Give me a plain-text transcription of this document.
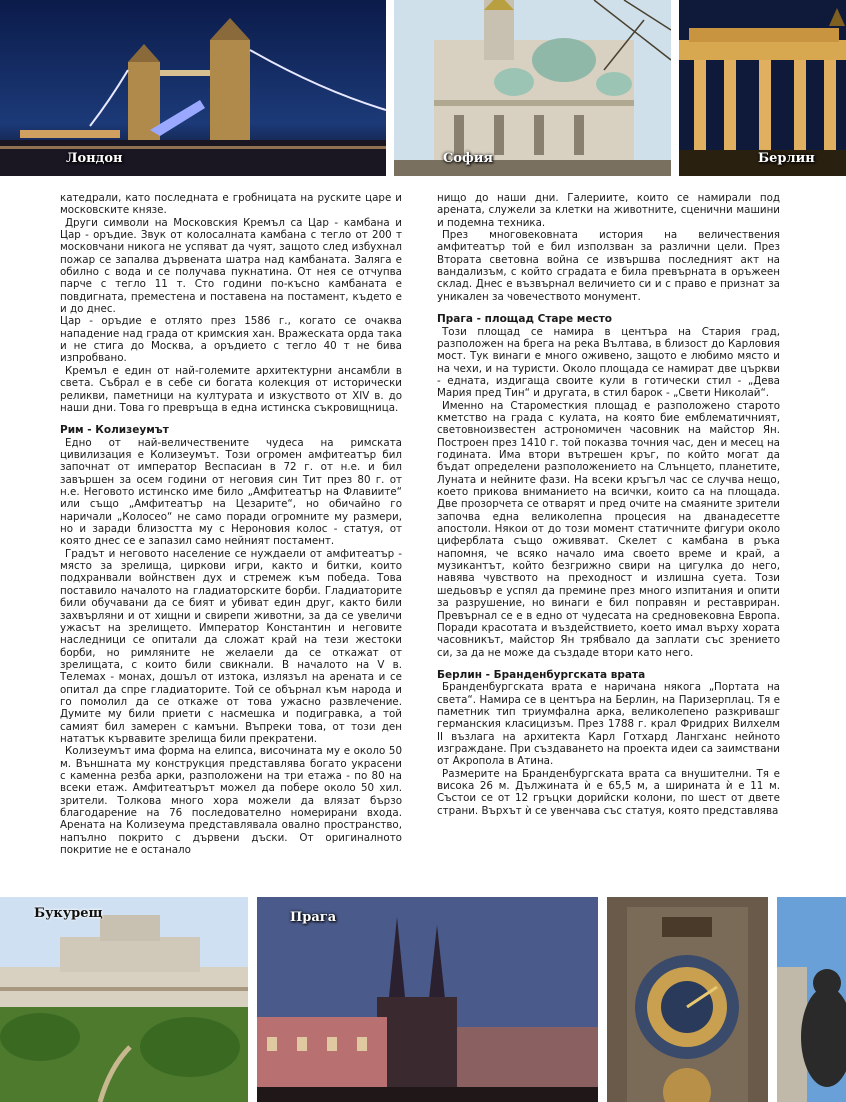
Лондон	София	Берлин

катедрали, като последната е гробницата на руските царе и московските князе.

Други символи на Московския Кремъл са Цар - камбана и Цар - оръдие. Звук от колосалната камбана с тегло от 200 т московчани никога не успяват да чуят, защото след избухнал пожар се запалва дървената шатра над камбаната. Заляга е обилно с вода и се получава пукнатина. От нея се отчупва парче с тегло 11 т. Сто години по-късно камбаната е повдигната, преместена и поставена на постамент, където е и до днес.

Цар - оръдие е отлято през 1586 г., когато се очаква нападение над града от кримския хан. Вражеската орда така и не стига до Москва, а оръдието с тегло 40 т не бива изпробвано.

Кремъл е един от най-големите архитектурни ансамбли в света. Събрал е в себе си богата колекция от исторически реликви, паметници на културата и изкуството от XIV в. до наши дни. Това го превръща в една истинска съкровищница.

Рим - Колизеумът

Едно от най-величествените чудеса на римската цивилизация е Колизеумът. Този огромен амфитеатър бил започнат от император Веспасиан в 72 г. от н.е. и бил завършен за осем години от неговия син Тит през 80 г. от н.е. Неговото истинско име било „Амфитеатър на Флавиите“ или също „Амфитеатър на Цезарите“, но обичайно го наричали „Колосео“ не само поради огромните му размери, но и заради близостта му с Нероновия колос - статуя, от която днес се е запазил само нейният постамент.

Градът и неговото население се нуждаели от амфитеатър - място за зрелища, циркови игри, както и битки, които подхранвали войнствен дух и стремеж към победа. Това поставило началото на гладиаторските борби. Гладиаторите били обучавани да се бият и убиват един друг, както били захвърляни и от хищни и свирепи животни, за да се увеличи ужасът на зрелището. Император Константин и неговите наследници се опитали да сложат край на тези жестоки борби, но римляните не желаели да се откажат от зрелищата, с които били свикнали. В началото на V в. Телемах - монах, дошъл от изтока, излязъл на арената и се опитал да спре гладиаторите. Той се обърнал към народа и го помолил да се откаже от това ужасно развлечение. Думите му били приети с насмешка и подигравка, а той самият бил замерен с камъни. Въпреки това, от този ден нататък кървавите зрелища били прекратени.

Колизеумът има форма на елипса, височината му е около 50 м. Външната му конструкция представлява богато украсени с каменна резба арки, разположени на три етажа - по 80 на всеки етаж. Амфитеатърът можел да побере около 50 хил. зрители. Толкова много хора можели да влязат бързо благодарение на 76 последователно номерирани входа. Арената на Колизеума представлявала овално пространство, напълно покрито с дървени дъски. От оригиналното покритие не е останало

нищо до наши дни. Галериите, които се намирали под арената, служели за клетки на животните, сценични машини и подемна техника.

През многовековната история на величествения амфитеатър той е бил използван за различни цели. През Втората световна война се извършва последният акт на вандализъм, с който сградата е била превърната в оръжеен склад. Днес е възвърнал величието си и с право е признат за уникален за човечеството монумент.

Прага - площад Старе место

Този площад се намира в центъра на Стария град, разположен на брега на река Вълтава, в близост до Карловия мост. Тук винаги е много оживено, защото е любимо място и на чехи, и на туристи. Около площада се намират две църкви - едната, издигаща своите кули в готически стил - „Дева Мария пред Тин“ и другата, в стил барок - „Свети Николай“.

Именно на Староместкия площад е разположено старото кметство на града с кулата, на която бие емблематичният, световноизвестен астрономичен часовник на майстор Ян. Построен през 1410 г. той показва точния час, ден и месец на годината. Има втори вътрешен кръг, по който могат да бъдат определени разположението на Слънцето, планетите, Луната и нейните фази. На всеки кръгъл час се случва нещо, което прикова вниманието на всички, които са на площада. Две прозорчета се отварят и пред очите на смаяните зрители започва една великолепна процесия на дванадесетте апостоли. Някои от до този момент статичните фигури около циферблата също оживяват. Скелет с камбана в ръка напомня, че всяко начало има своето време и край, а музикантът, който безгрижно свири на цигулка до него, навява чувството на преходност и излишна суета. Този шедьовър е успял да премине през много изпитания и опити за разрушение, но винаги е бил поправян и реставриран. Превърнал се е в едно от чудесата на средновековна Европа. Поради красотата и въздействието, което имал върху хората часовникът, майстор Ян трябвало да заплати със зрението си, за да не може да създаде втори като него.

Берлин - Бранденбургската врата

Бранденбургската врата е наричана някога „Портата на света“. Намира се в центъра на Берлин, на Паризерплац. Тя е паметник тип триумфална арка, великолепено разкривашг германския класицизъм. През 1788 г. крал Фридрих Вилхелм II възлага на архитекта Карл Готхард Лангханс нейното изграждане. При създаването на проекта идеи са заимствани от Акропола в Атина.

Размерите на Бранденбургската врата са внушителни. Тя е висока 26 м. Дължината ѝ е 65,5 м, а ширината ѝ е 11 м. Състои се от 12 гръцки дорийски колони, по шест от двете страни. Върхът ѝ се увенчава със статуя, която представлява

Букурещ	Прага
